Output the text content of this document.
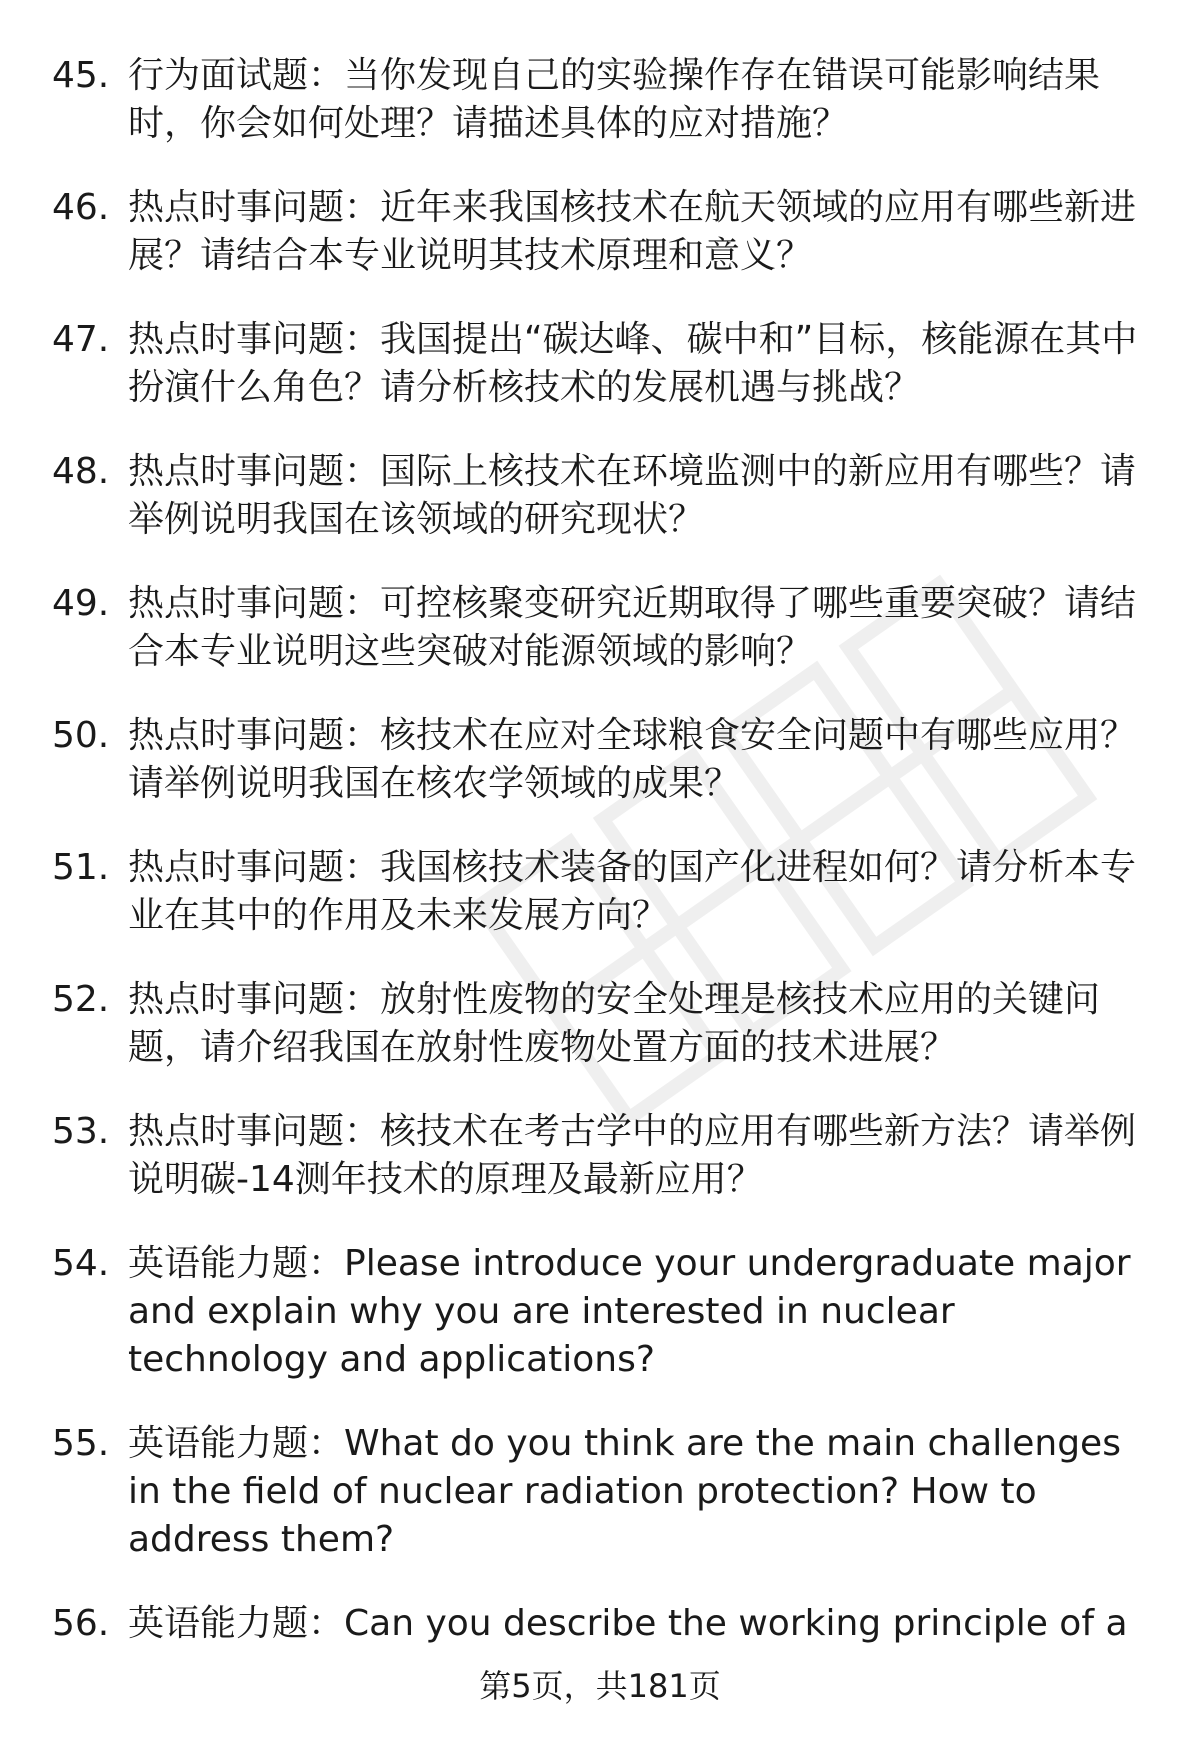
45. 行为面试题：当你发现自己的实验操作存在错误可能影响结果时，你会如何处理？请描述具体的应对措施？
46. 热点时事问题：近年来我国核技术在航天领域的应用有哪些新进展？请结合本专业说明其技术原理和意义？
47. 热点时事问题：我国提出“碳达峰、碳中和”目标，核能源在其中扮演什么角色？请分析核技术的发展机遇与挑战？
48. 热点时事问题：国际上核技术在环境监测中的新应用有哪些？请举例说明我国在该领域的研究现状？
49. 热点时事问题：可控核聚变研究近期取得了哪些重要突破？请结合本专业说明这些突破对能源领域的影响？
50. 热点时事问题：核技术在应对全球粮食安全问题中有哪些应用？请举例说明我国在核农学领域的成果？
51. 热点时事问题：我国核技术装备的国产化进程如何？请分析本专业在其中的作用及未来发展方向？
52. 热点时事问题：放射性废物的安全处理是核技术应用的关键问题，请介绍我国在放射性废物处置方面的技术进展？
53. 热点时事问题：核技术在考古学中的应用有哪些新方法？请举例说明碳-14测年技术的原理及最新应用？
54. 英语能力题：Please introduce your undergraduate major and explain why you are interested in nuclear technology and applications?
55. 英语能力题：What do you think are the main challenges in the field of nuclear radiation protection? How to address them?
56. 英语能力题：Can you describe the working principle of a
第5页，共181页
